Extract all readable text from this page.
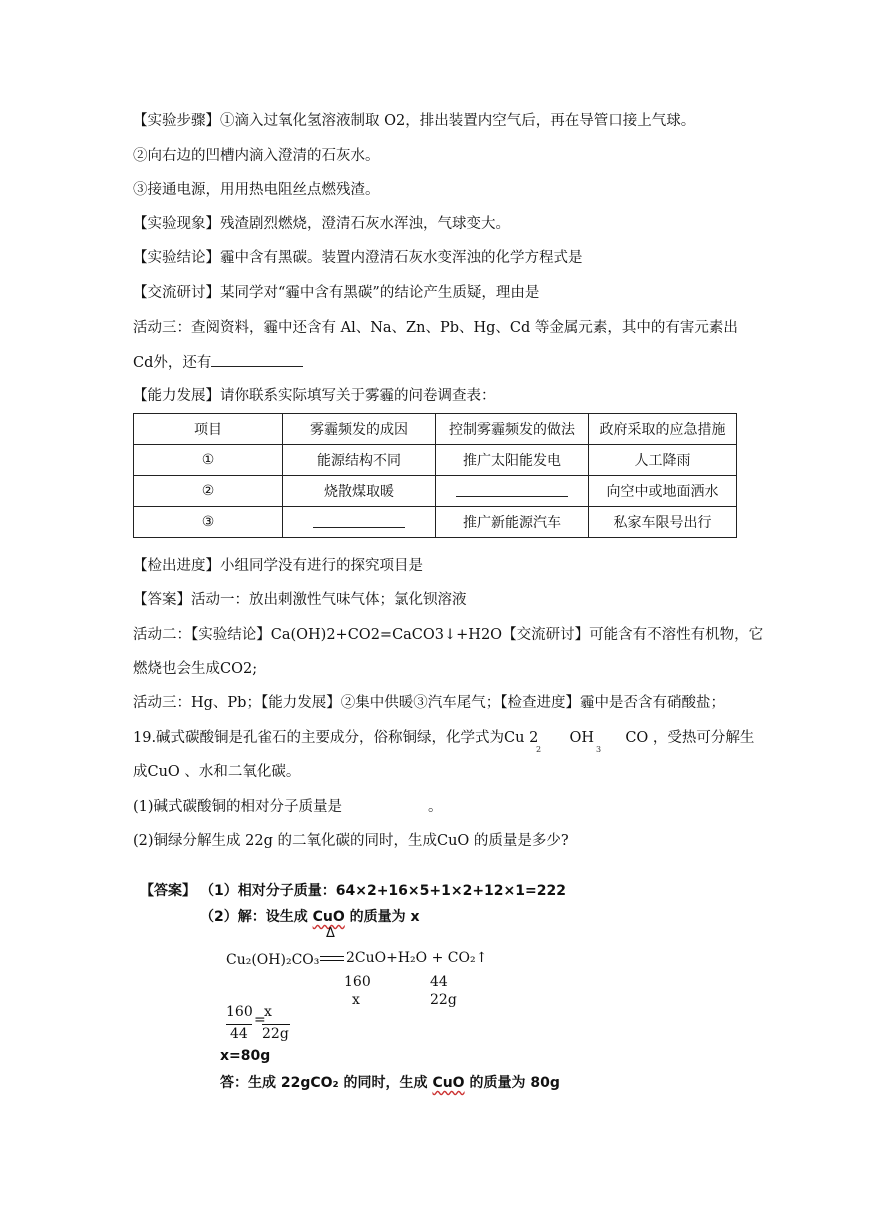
【实验步骤】①滴入过氧化氢溶液制取 O2，排出装置内空气后，再在导管口接上气球。
②向右边的凹槽内滴入澄清的石灰水。
③接通电源，用用热电阻丝点燃残渣。
【实验现象】残渣剧烈燃烧，澄清石灰水浑浊，气球变大。
【实验结论】霾中含有黑碳。装置内澄清石灰水变浑浊的化学方程式是
【交流研讨】某同学对“霾中含有黑碳”的结论产生质疑，理由是
活动三：查阅资料，霾中还含有 Al、Na、Zn、Pb、Hg、Cd 等金属元素，其中的有害元素出
Cd外，还有
【能力发展】请你联系实际填写关于雾霾的问卷调查表：
项目	雾霾频发的成因	控制雾霾频发的做法	政府采取的应急措施
①	能源结构不同	推广太阳能发电	人工降雨
②	烧散煤取暖		向空中或地面洒水
③		推广新能源汽车	私家车限号出行
【检出进度】小组同学没有进行的探究项目是
【答案】活动一：放出刺激性气味气体；氯化钡溶液
活动二：【实验结论】Ca(OH)2+CO2=CaCO3↓+H2O【交流研讨】可能含有不溶性有机物，它
燃烧也会生成CO2;
活动三：Hg、Pb；【能力发展】②集中供暖③汽车尾气；【检查进度】霾中是否含有硝酸盐；
19.碱式碳酸铜是孔雀石的主要成分，俗称铜绿，化学式为Cu 2 OH CO ，受热可分解生
2	3
成CuO 、水和二氧化碳。
(1)碱式碳酸铜的相对分子质量是	。
(2)铜绿分解生成 22g 的二氧化碳的同时，生成CuO 的质量是多少?
【答案】 （1）相对分子质量：64×2+16×5+1×2+12×1=222
（2）解：设生成 CuO 的质量为 x
Δ
Cu₂(OH)₂CO₃ 2CuO+H₂O + CO₂↑
160	44
x	22g
160
44
=
x
22g
x=80g
答：生成 22gCO₂ 的同时，生成 CuO 的质量为 80g
